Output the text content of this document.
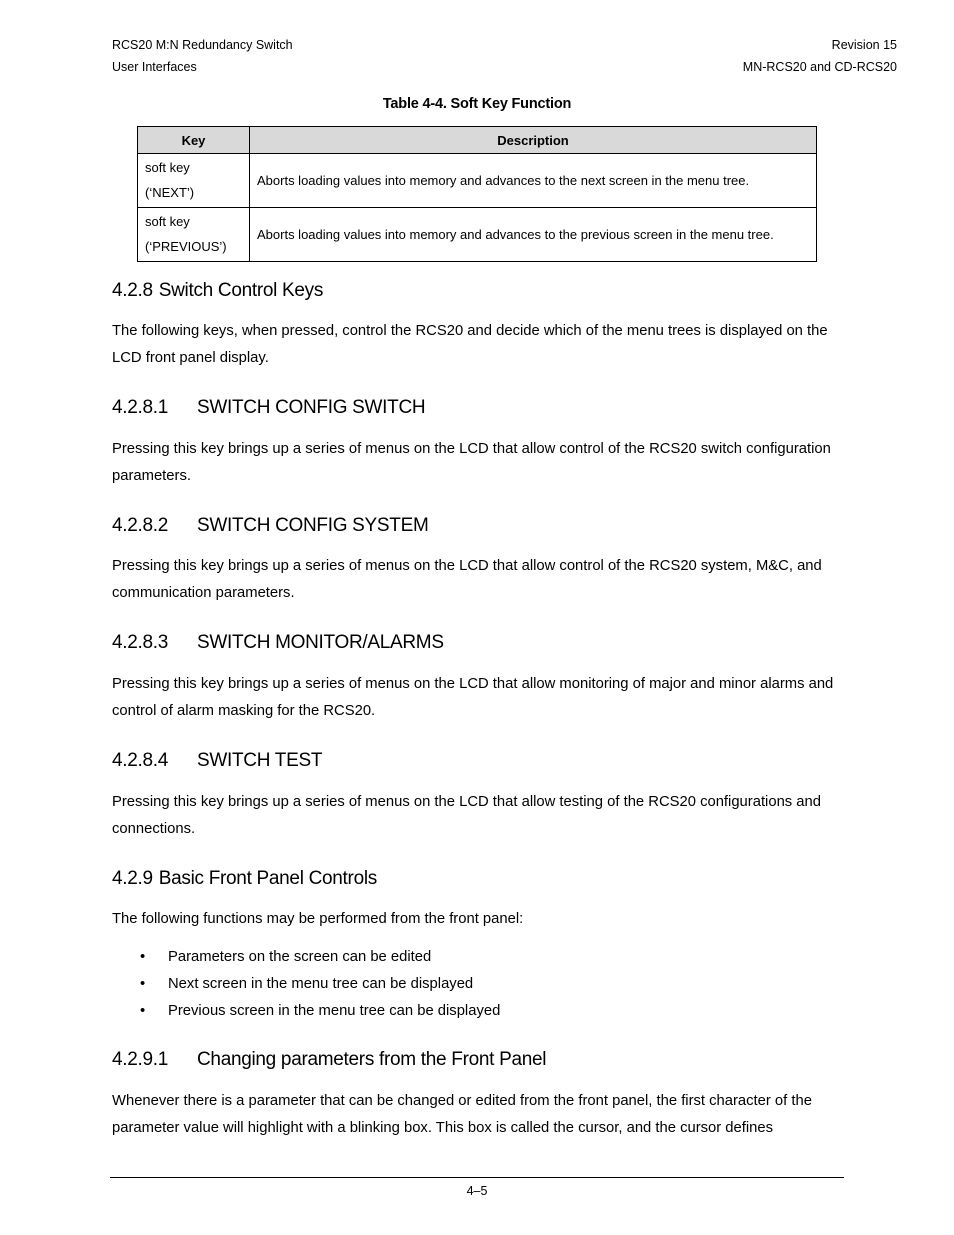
RCS20 M:N Redundancy Switch	Revision 15
User Interfaces	MN-RCS20 and CD-RCS20
Table 4-4. Soft Key Function
Key	Description
soft key
(‘NEXT’)	Aborts loading values into memory and advances to the next screen in the menu tree.
soft key
(‘PREVIOUS’)	Aborts loading values into memory and advances to the previous screen in the menu tree.
4.2.8 Switch Control Keys
The following keys, when pressed, control the RCS20 and decide which of the menu trees is displayed on the LCD front panel display.
4.2.8.1 SWITCH CONFIG SWITCH
Pressing this key brings up a series of menus on the LCD that allow control of the RCS20 switch configuration parameters.
4.2.8.2 SWITCH CONFIG SYSTEM
Pressing this key brings up a series of menus on the LCD that allow control of the RCS20 system, M&C, and communication parameters.
4.2.8.3 SWITCH MONITOR/ALARMS
Pressing this key brings up a series of menus on the LCD that allow monitoring of major and minor alarms and control of alarm masking for the RCS20.
4.2.8.4 SWITCH TEST
Pressing this key brings up a series of menus on the LCD that allow testing of the RCS20 configurations and connections.
4.2.9 Basic Front Panel Controls
The following functions may be performed from the front panel:
• Parameters on the screen can be edited
• Next screen in the menu tree can be displayed
• Previous screen in the menu tree can be displayed
4.2.9.1 Changing parameters from the Front Panel
Whenever there is a parameter that can be changed or edited from the front panel, the first character of the parameter value will highlight with a blinking box. This box is called the cursor, and the cursor defines
4–5
